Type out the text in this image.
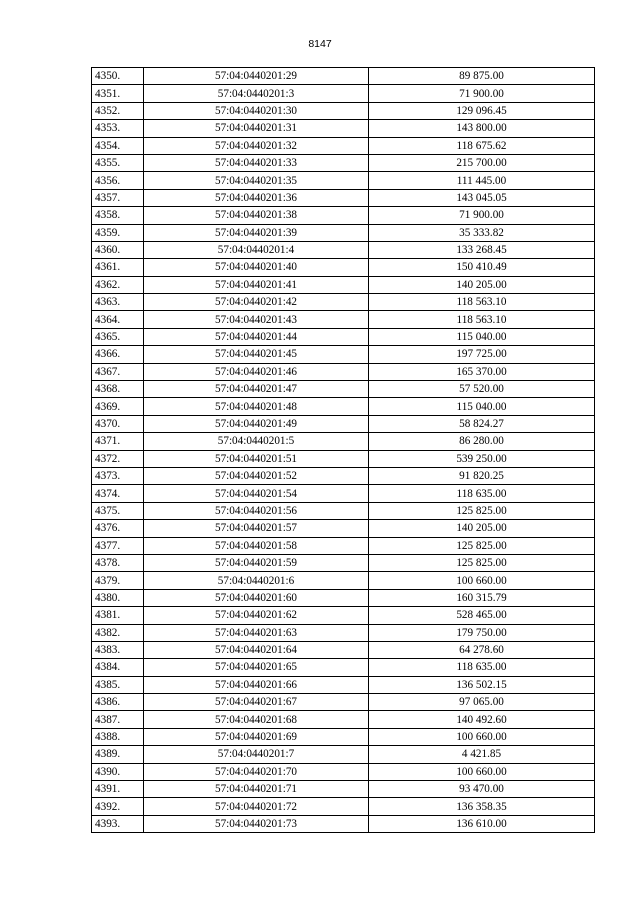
8147
4350.	57:04:0440201:29	89 875.00
4351.	57:04:0440201:3	71 900.00
4352.	57:04:0440201:30	129 096.45
4353.	57:04:0440201:31	143 800.00
4354.	57:04:0440201:32	118 675.62
4355.	57:04:0440201:33	215 700.00
4356.	57:04:0440201:35	111 445.00
4357.	57:04:0440201:36	143 045.05
4358.	57:04:0440201:38	71 900.00
4359.	57:04:0440201:39	35 333.82
4360.	57:04:0440201:4	133 268.45
4361.	57:04:0440201:40	150 410.49
4362.	57:04:0440201:41	140 205.00
4363.	57:04:0440201:42	118 563.10
4364.	57:04:0440201:43	118 563.10
4365.	57:04:0440201:44	115 040.00
4366.	57:04:0440201:45	197 725.00
4367.	57:04:0440201:46	165 370.00
4368.	57:04:0440201:47	57 520.00
4369.	57:04:0440201:48	115 040.00
4370.	57:04:0440201:49	58 824.27
4371.	57:04:0440201:5	86 280.00
4372.	57:04:0440201:51	539 250.00
4373.	57:04:0440201:52	91 820.25
4374.	57:04:0440201:54	118 635.00
4375.	57:04:0440201:56	125 825.00
4376.	57:04:0440201:57	140 205.00
4377.	57:04:0440201:58	125 825.00
4378.	57:04:0440201:59	125 825.00
4379.	57:04:0440201:6	100 660.00
4380.	57:04:0440201:60	160 315.79
4381.	57:04:0440201:62	528 465.00
4382.	57:04:0440201:63	179 750.00
4383.	57:04:0440201:64	64 278.60
4384.	57:04:0440201:65	118 635.00
4385.	57:04:0440201:66	136 502.15
4386.	57:04:0440201:67	97 065.00
4387.	57:04:0440201:68	140 492.60
4388.	57:04:0440201:69	100 660.00
4389.	57:04:0440201:7	4 421.85
4390.	57:04:0440201:70	100 660.00
4391.	57:04:0440201:71	93 470.00
4392.	57:04:0440201:72	136 358.35
4393.	57:04:0440201:73	136 610.00
